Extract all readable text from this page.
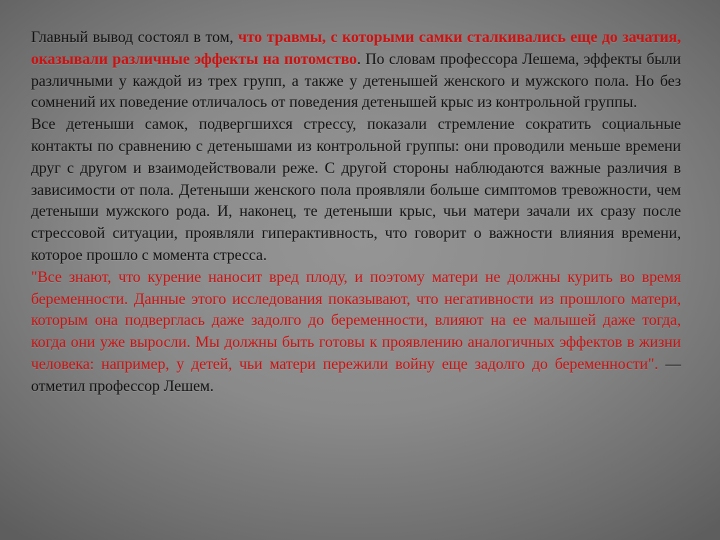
Главный вывод состоял в том, что травмы, с которыми самки сталкивались еще до зачатия, оказывали различные эффекты на потомство. По словам профессора Лешема, эффекты были различными у каждой из трех групп, а также у детенышей женского и мужского пола. Но без сомнений их поведение отличалось от поведения детенышей крыс из контрольной группы.

Все детеныши самок, подвергшихся стрессу, показали стремление сократить социальные контакты по сравнению с детенышами из контрольной группы: они проводили меньше времени друг с другом и взаимодействовали реже. С другой стороны наблюдаются важные различия в зависимости от пола. Детеныши женского пола проявляли больше симптомов тревожности, чем детеныши мужского рода. И, наконец, те детеныши крыс, чьи матери зачали их сразу после стрессовой ситуации, проявляли гиперактивность, что говорит о важности влияния времени, которое прошло с момента стресса.

"Все знают, что курение наносит вред плоду, и поэтому матери не должны курить во время беременности. Данные этого исследования показывают, что негативности из прошлого матери, которым она подверглась даже задолго до беременности, влияют на ее малышей даже тогда, когда они уже выросли. Мы должны быть готовы к проявлению аналогичных эффектов в жизни человека: например, у детей, чьи матери пережили войну еще задолго до беременности". — отметил профессор Лешем.
